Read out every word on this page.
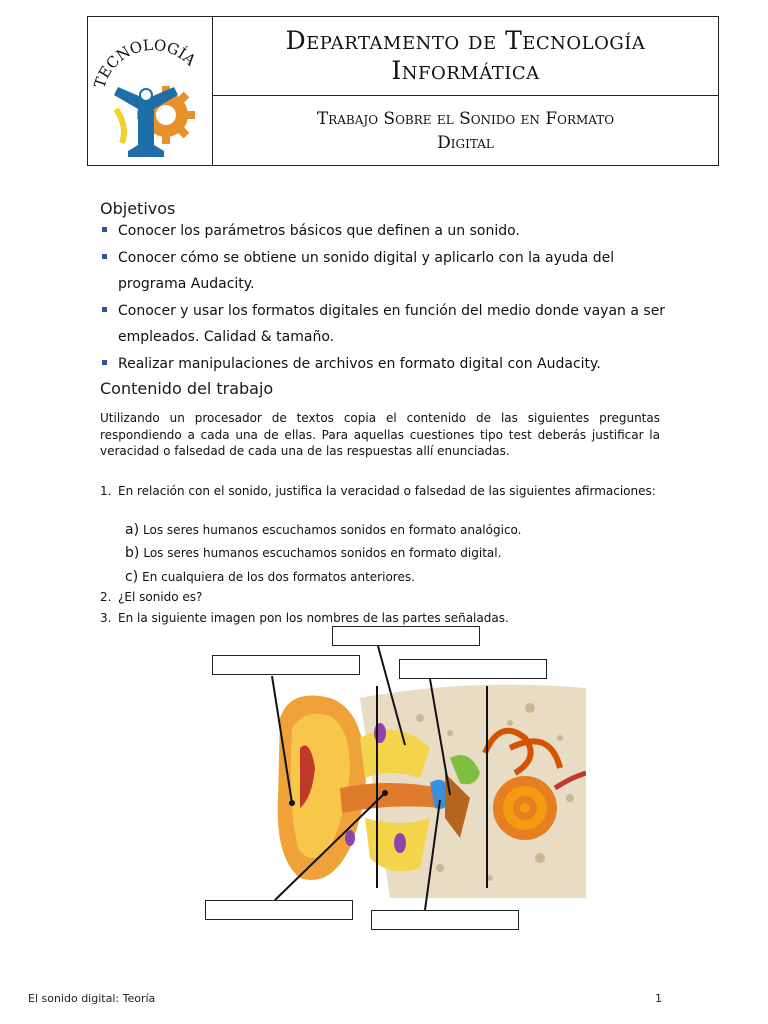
TECNOLOGÍA
Departamento de Tecnología
Informática
Trabajo Sobre el Sonido en Formato
Digital
Objetivos
Conocer los parámetros básicos que definen a un sonido.
Conocer cómo se obtiene un sonido digital y aplicarlo con la ayuda del programa Audacity.
Conocer y usar los formatos digitales en función del medio donde vayan a ser empleados. Calidad & tamaño.
Realizar manipulaciones de archivos en formato digital con Audacity.
Contenido del trabajo
Utilizando un procesador de textos copia el contenido de las siguientes preguntas respondiendo a cada una de ellas. Para aquellas cuestiones tipo test deberás justificar la veracidad o falsedad de cada una de las respuestas allí enunciadas.
1. En relación con el sonido, justifica la veracidad o falsedad de las siguientes afirmaciones:
a) Los seres humanos escuchamos sonidos en formato analógico.
b) Los seres humanos escuchamos sonidos en formato digital.
c) En cualquiera de los dos formatos anteriores.
2. ¿El sonido es?
3. En la siguiente imagen pon los nombres de las partes señaladas.
El sonido digital: Teoría	1
